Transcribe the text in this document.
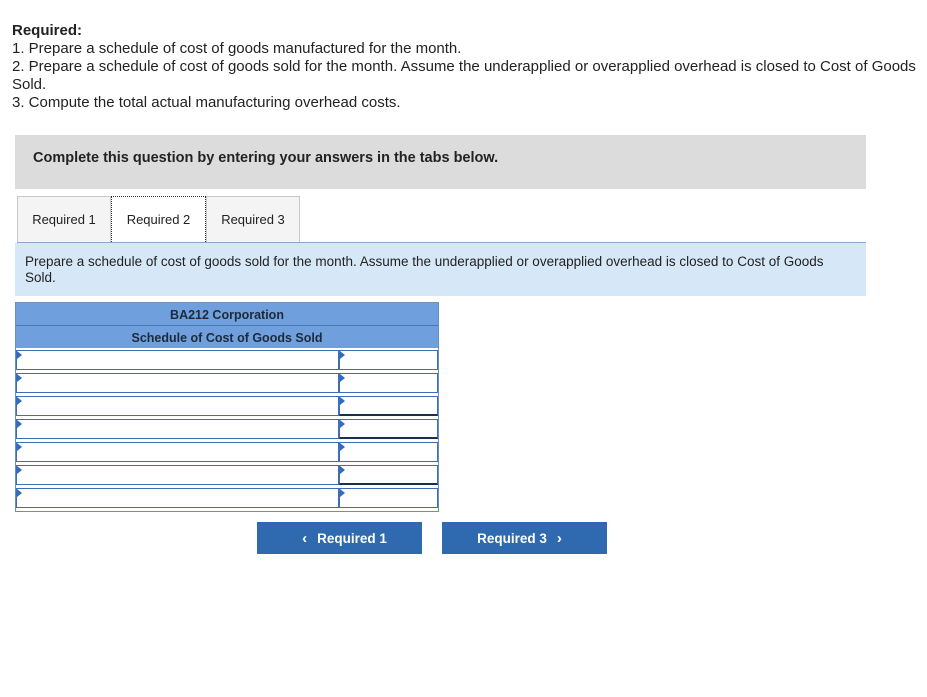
Required:

1. Prepare a schedule of cost of goods manufactured for the month.

2. Prepare a schedule of cost of goods sold for the month. Assume the underapplied or overapplied overhead is closed to Cost of Goods Sold.

3. Compute the total actual manufacturing overhead costs.

Complete this question by entering your answers in the tabs below.
Required 1	Required 2	Required 3
Prepare a schedule of cost of goods sold for the month. Assume the underapplied or overapplied overhead is closed to Cost of Goods Sold.
BA212 Corporation
Schedule of Cost of Goods Sold
‹ Required 1	Required 3 ›
